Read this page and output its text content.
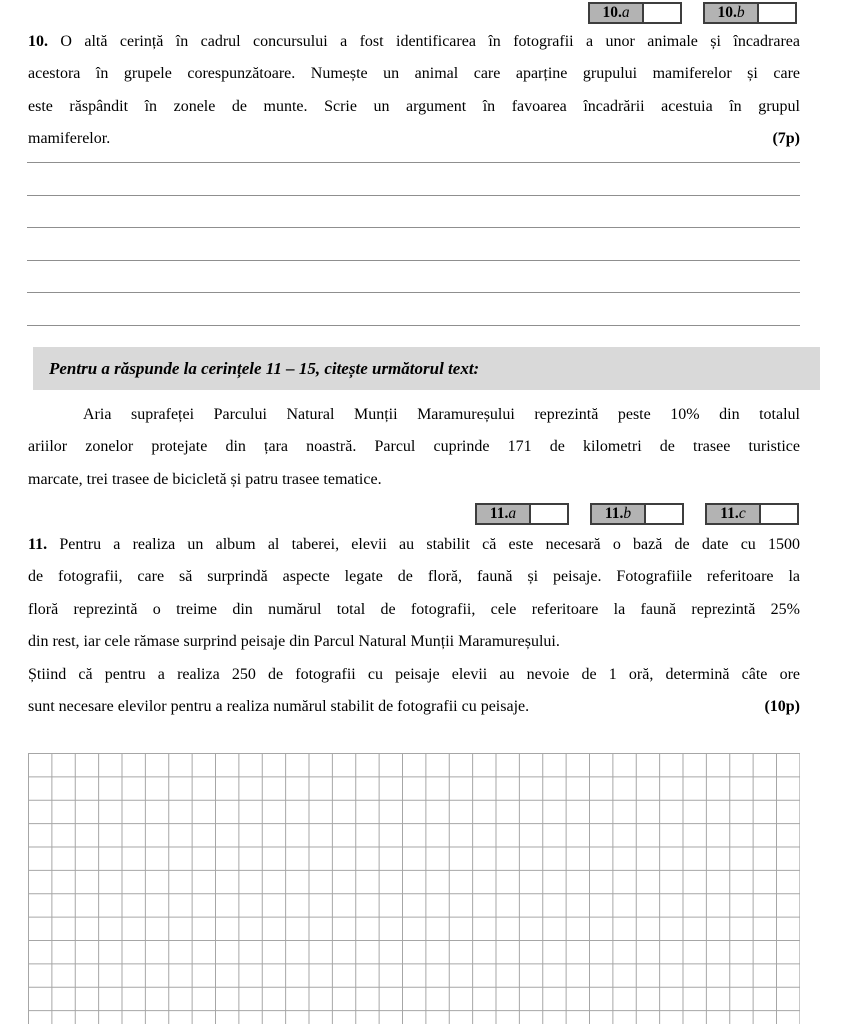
10. a	10. b
10. O altă cerință în cadrul concursului a fost identificarea în fotografii a unor animale și încadrarea
acestora în grupele corespunzătoare. Numește un animal care aparține grupului mamiferelor și care
este răspândit în zonele de munte. Scrie un argument în favoarea încadrării acestuia în grupul
mamiferelor.	(7p)
Pentru a răspunde la cerințele 11 – 15, citește următorul text:
Aria suprafeței Parcului Natural Munții Maramureșului reprezintă peste 10% din totalul
ariilor zonelor protejate din țara noastră. Parcul cuprinde 171 de kilometri de trasee turistice
marcate, trei trasee de bicicletă și patru trasee tematice.
11. a	11. b	11. c
11. Pentru a realiza un album al taberei, elevii au stabilit că este necesară o bază de date cu 1500
de fotografii, care să surprindă aspecte legate de floră, faună și peisaje. Fotografiile referitoare la
floră reprezintă o treime din numărul total de fotografii, cele referitoare la faună reprezintă 25%
din rest, iar cele rămase surprind peisaje din Parcul Natural Munții Maramureșului.
Știind că pentru a realiza 250 de fotografii cu peisaje elevii au nevoie de 1 oră, determină câte ore
sunt necesare elevilor pentru a realiza numărul stabilit de fotografii cu peisaje.	(10p)
